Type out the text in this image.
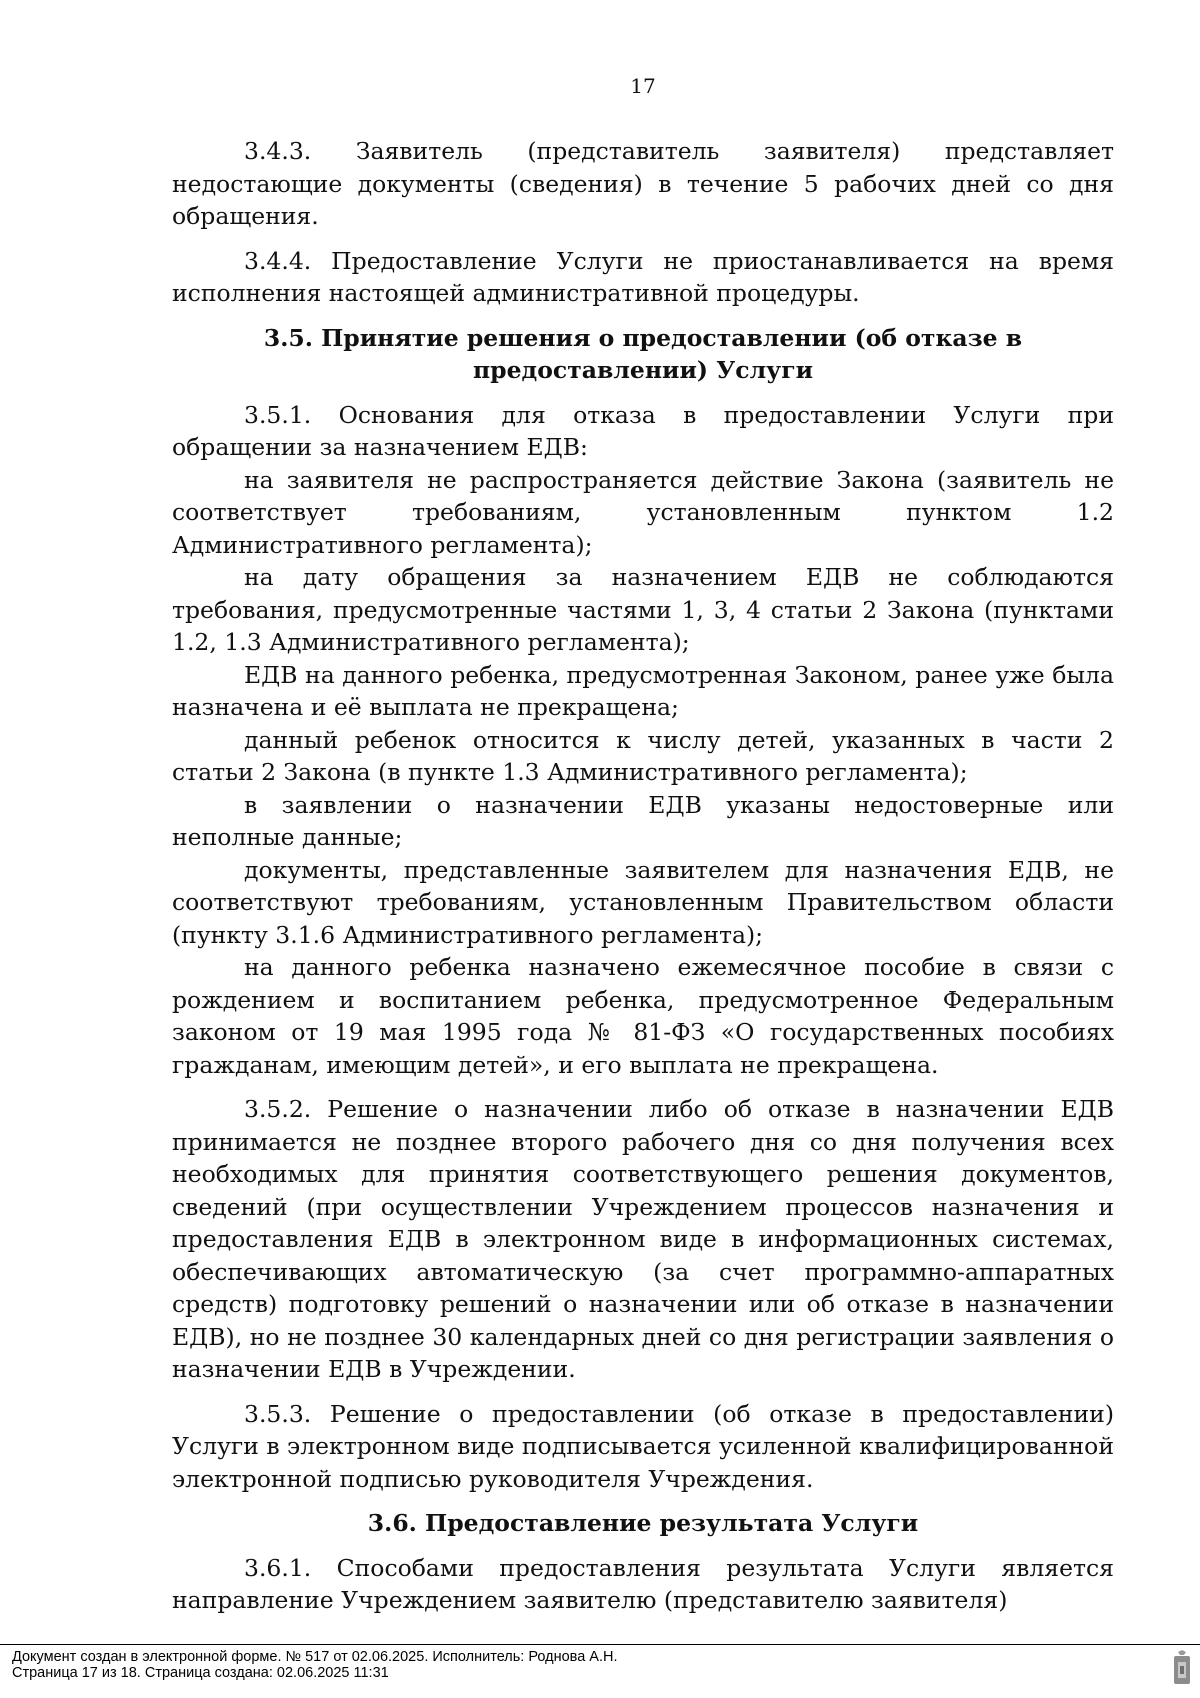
17

3.4.3. Заявитель (представитель заявителя) представляет недостающие документы (сведения) в течение 5 рабочих дней со дня обращения.

3.4.4. Предоставление Услуги не приостанавливается на время исполнения настоящей административной процедуры.

3.5. Принятие решения о предоставлении (об отказе в предоставлении) Услуги

3.5.1. Основания для отказа в предоставлении Услуги при обращении за назначением ЕДВ:

на заявителя не распространяется действие Закона (заявитель не соответствует требованиям, установленным пунктом 1.2 Административного регламента);

на дату обращения за назначением ЕДВ не соблюдаются требования, предусмотренные частями 1, 3, 4 статьи 2 Закона (пунктами 1.2, 1.3 Административного регламента);

ЕДВ на данного ребенка, предусмотренная Законом, ранее уже была назначена и её выплата не прекращена;

данный ребенок относится к числу детей, указанных в части 2 статьи 2 Закона (в пункте 1.3 Административного регламента);

в заявлении о назначении ЕДВ указаны недостоверные или неполные данные;

документы, представленные заявителем для назначения ЕДВ, не соответствуют требованиям, установленным Правительством области (пункту 3.1.6 Административного регламента);

на данного ребенка назначено ежемесячное пособие в связи с рождением и воспитанием ребенка, предусмотренное Федеральным законом от 19 мая 1995 года № 81-ФЗ «О государственных пособиях гражданам, имеющим детей», и его выплата не прекращена.

3.5.2. Решение о назначении либо об отказе в назначении ЕДВ принимается не позднее второго рабочего дня со дня получения всех необходимых для принятия соответствующего решения документов, сведений (при осуществлении Учреждением процессов назначения и предоставления ЕДВ в электронном виде в информационных системах, обеспечивающих автоматическую (за счет программно-аппаратных средств) подготовку решений о назначении или об отказе в назначении ЕДВ), но не позднее 30 календарных дней со дня регистрации заявления о назначении ЕДВ в Учреждении.

3.5.3. Решение о предоставлении (об отказе в предоставлении) Услуги в электронном виде подписывается усиленной квалифицированной электронной подписью руководителя Учреждения.

3.6. Предоставление результата Услуги

3.6.1. Способами предоставления результата Услуги является направление Учреждением заявителю (представителю заявителя)

Документ создан в электронной форме. № 517 от 02.06.2025. Исполнитель: Роднова А.Н.
Страница 17 из 18. Страница создана: 02.06.2025 11:31
